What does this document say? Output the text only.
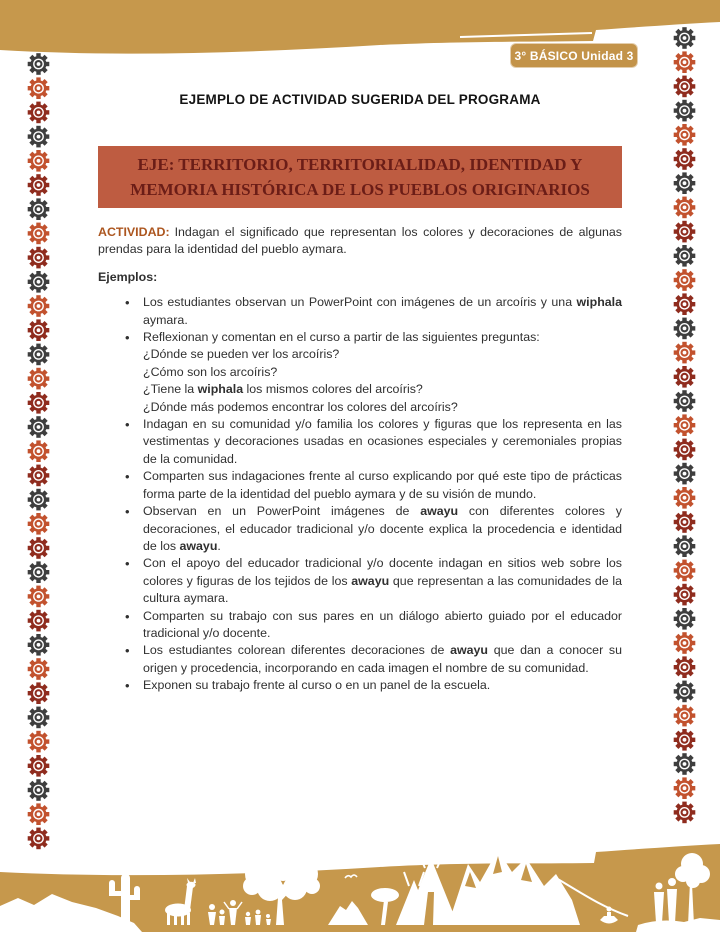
3° BÁSICO Unidad 3
EJEMPLO DE ACTIVIDAD SUGERIDA DEL PROGRAMA
EJE: TERRITORIO, TERRITORIALIDAD, IDENTIDAD Y
MEMORIA HISTÓRICA DE LOS PUEBLOS ORIGINARIOS

ACTIVIDAD: Indagan el significado que representan los colores y decoraciones de algunas prendas para la identidad del pueblo aymara.

Ejemplos:

• Los estudiantes observan un PowerPoint con imágenes de un arcoíris y una wiphala aymara.

• Reflexionan y comentan en el curso a partir de las siguientes preguntas:

¿Dónde se pueden ver los arcoíris?

¿Cómo son los arcoíris?

¿Tiene la wiphala los mismos colores del arcoíris?

¿Dónde más podemos encontrar los colores del arcoíris?

• Indagan en su comunidad y/o familia los colores y figuras que los representa en las vestimentas y decoraciones usadas en ocasiones especiales y ceremoniales propias de la comunidad.

• Comparten sus indagaciones frente al curso explicando por qué este tipo de prácticas forma parte de la identidad del pueblo aymara y de su visión de mundo.

• Observan en un PowerPoint imágenes de awayu con diferentes colores y decoraciones, el educador tradicional y/o docente explica la procedencia e identidad de los awayu.

• Con el apoyo del educador tradicional y/o docente indagan en sitios web sobre los colores y figuras de los tejidos de los awayu que representan a las comunidades de la cultura aymara.

• Comparten su trabajo con sus pares en un diálogo abierto guiado por el educador tradicional y/o docente.

• Los estudiantes colorean diferentes decoraciones de awayu que dan a conocer su origen y procedencia, incorporando en cada imagen el nombre de su comunidad.

• Exponen su trabajo frente al curso o en un panel de la escuela.
